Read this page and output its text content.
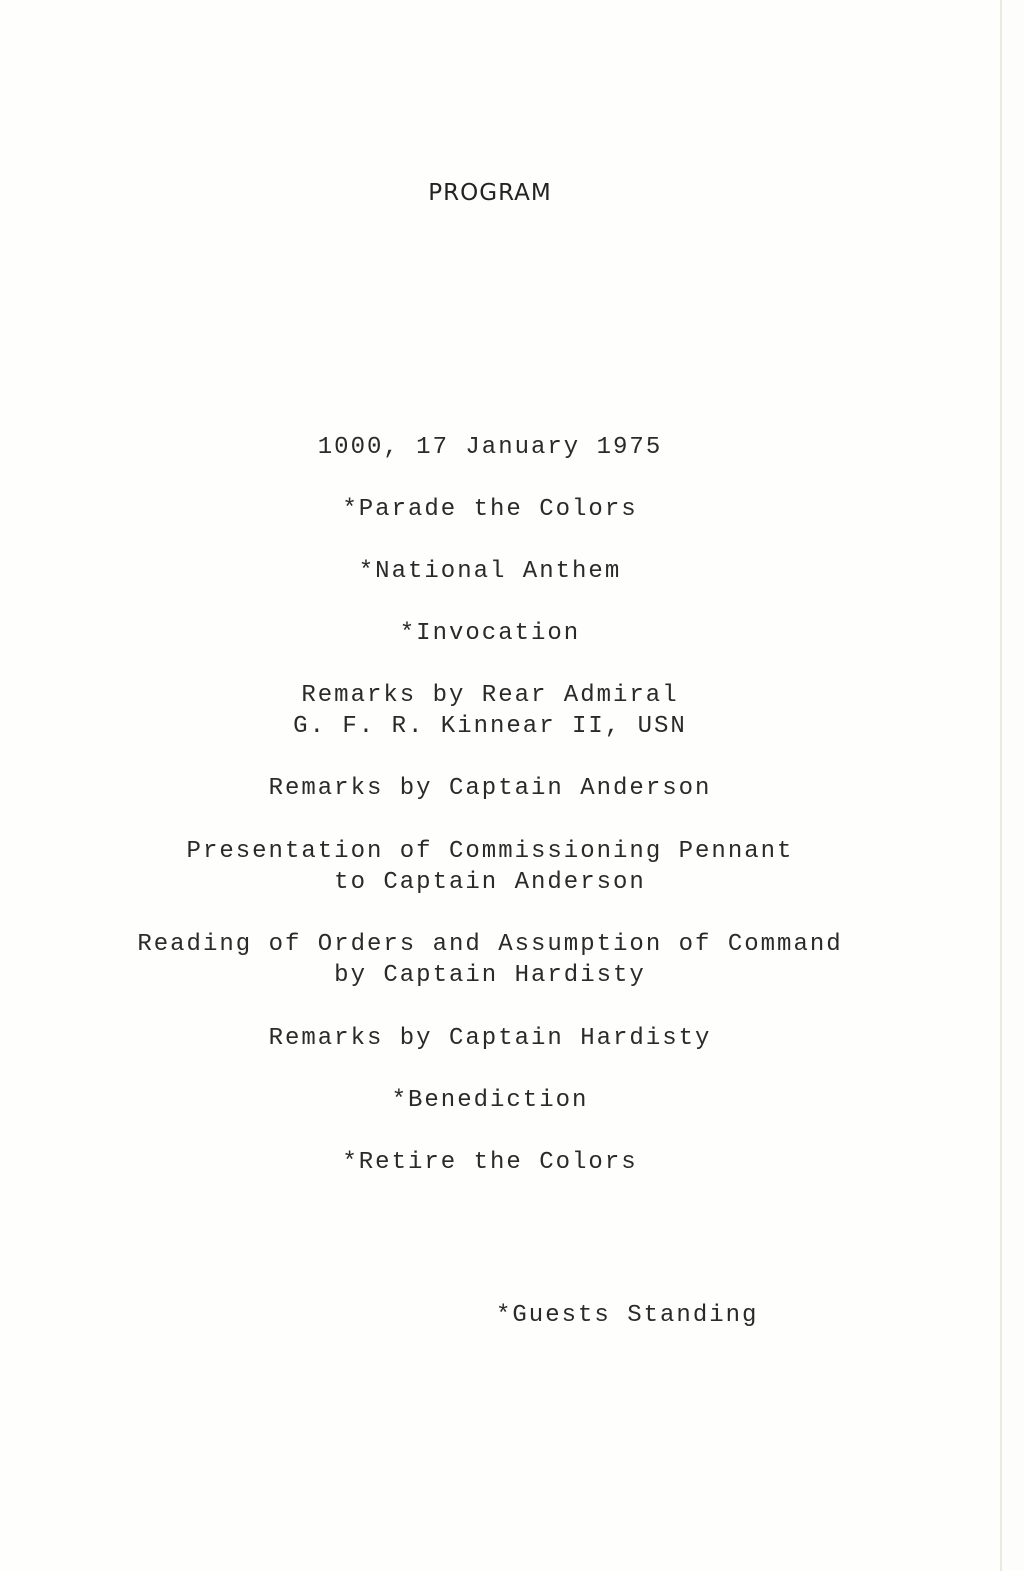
PROGRAM
1000, 17 January 1975
*Parade the Colors
*National Anthem
*Invocation
Remarks by Rear Admiral
G. F. R. Kinnear II, USN
Remarks by Captain Anderson
Presentation of Commissioning Pennant
to Captain Anderson
Reading of Orders and Assumption of Command
by Captain Hardisty
Remarks by Captain Hardisty
*Benediction
*Retire the Colors
*Guests Standing
